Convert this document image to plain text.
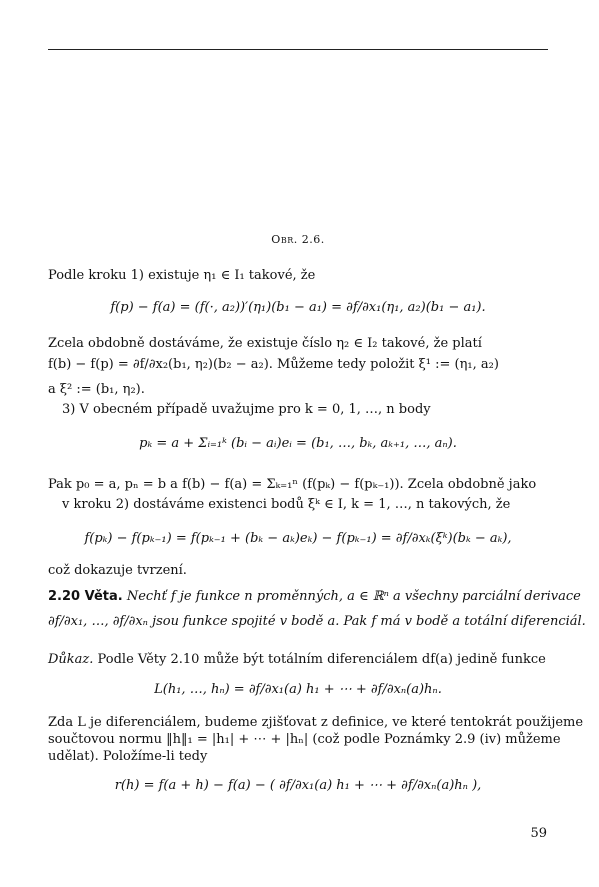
Obr. 2.6.
Podle kroku 1) existuje η₁ ∈ I₁ takové, že
f(p) − f(a) = (f(·, a₂))′(η₁)(b₁ − a₁) = ∂f/∂x₁(η₁, a₂)(b₁ − a₁).
Zcela obdobně dostáváme, že existuje číslo η₂ ∈ I₂ takové, že platí
f(b) − f(p) = ∂f/∂x₂(b₁, η₂)(b₂ − a₂). Můžeme tedy položit ξ¹ := (η₁, a₂)
a ξ² := (b₁, η₂).
3) V obecném případě uvažujme pro k = 0, 1, …, n body
pₖ = a + Σᵢ₌₁ᵏ (bᵢ − aᵢ)eᵢ = (b₁, …, bₖ, aₖ₊₁, …, aₙ).
Pak p₀ = a, pₙ = b a f(b) − f(a) = Σₖ₌₁ⁿ (f(pₖ) − f(pₖ₋₁)). Zcela obdobně jako
v kroku 2) dostáváme existenci bodů ξᵏ ∈ I, k = 1, …, n takových, že
f(pₖ) − f(pₖ₋₁) = f(pₖ₋₁ + (bₖ − aₖ)eₖ) − f(pₖ₋₁) = ∂f/∂xₖ(ξᵏ)(bₖ − aₖ),
což dokazuje tvrzení.
2.20 Věta. Nechť f je funkce n proměnných, a ∈ ℝⁿ a všechny parciální derivace
∂f/∂x₁, …, ∂f/∂xₙ jsou funkce spojité v bodě a. Pak f má v bodě a totální diferenciál.
Důkaz. Podle Věty 2.10 může být totálním diferenciálem df(a) jedině funkce
L(h₁, …, hₙ) = ∂f/∂x₁(a) h₁ + ⋯ + ∂f/∂xₙ(a)hₙ.
Zda L je diferenciálem, budeme zjišťovat z definice, ve které tentokrát použijeme
součtovou normu ‖h‖₁ = |h₁| + ⋯ + |hₙ| (což podle Poznámky 2.9 (iv) můžeme
udělat). Položíme-li tedy
r(h) = f(a + h) − f(a) − ( ∂f/∂x₁(a) h₁ + ⋯ + ∂f/∂xₙ(a)hₙ ),
59
